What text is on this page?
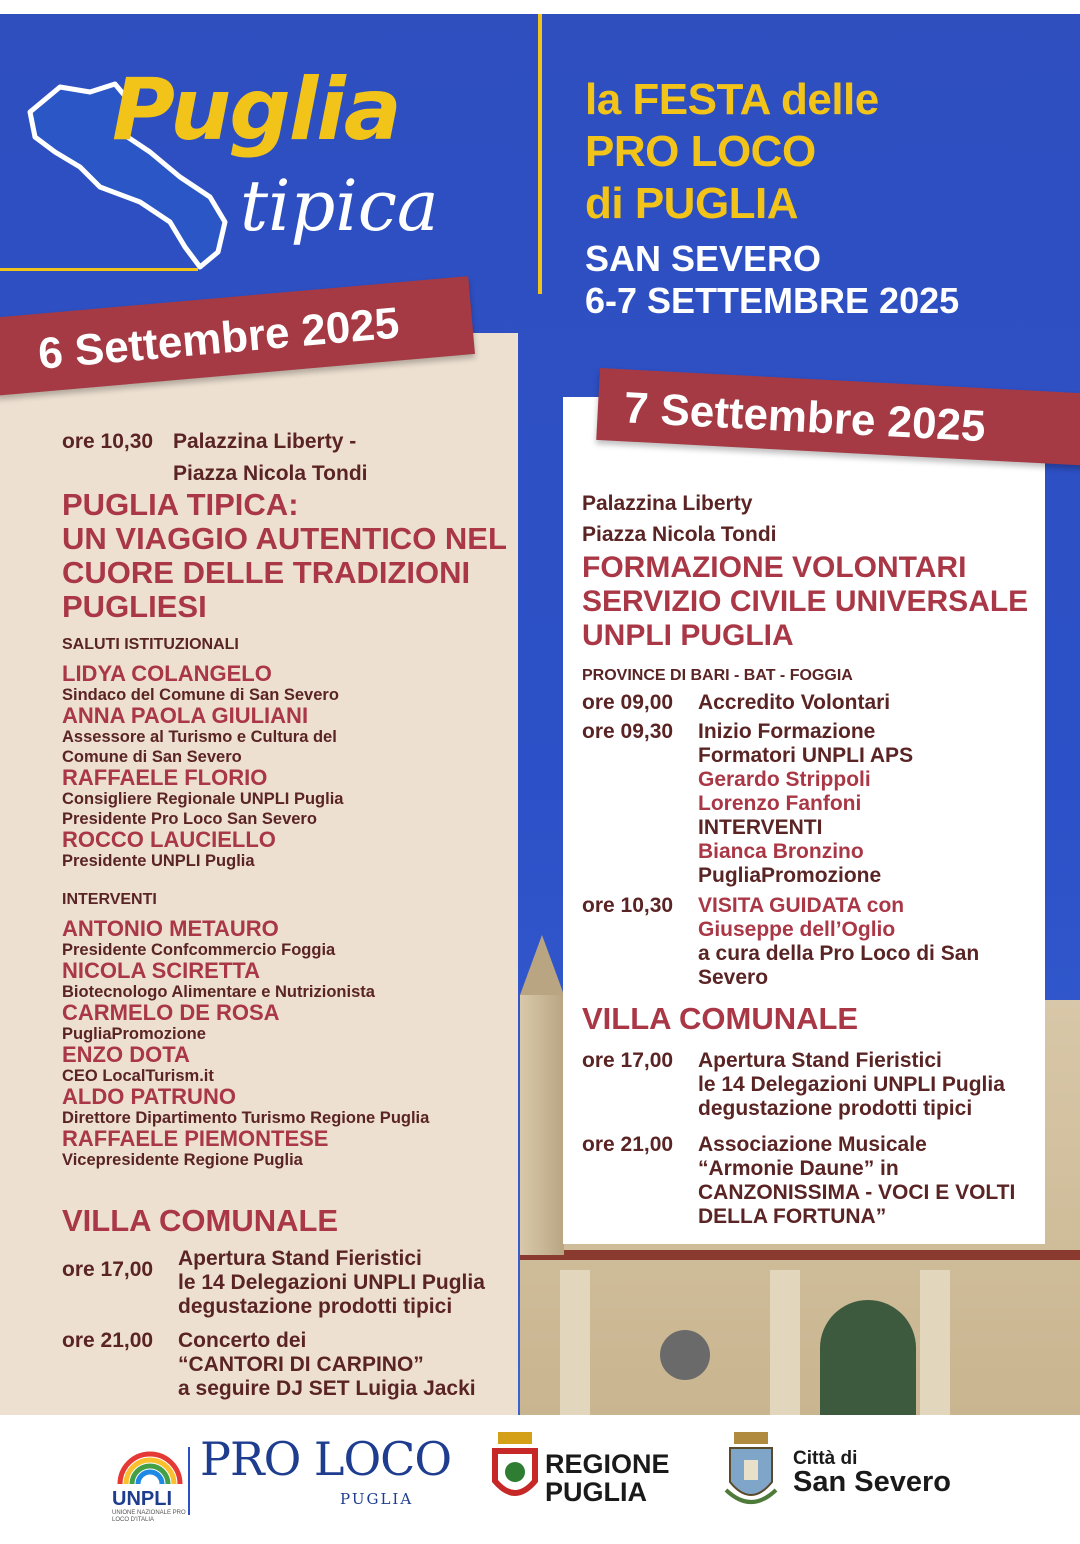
Puglia
tipica
la FESTA delle
PRO LOCO
di PUGLIA
SAN SEVERO
6-7 SETTEMBRE 2025
6 Settembre 2025
ore 10,30 Palazzina Liberty -
Piazza Nicola Tondi
PUGLIA TIPICA:
UN VIAGGIO AUTENTICO NEL
CUORE DELLE TRADIZIONI
PUGLIESI
SALUTI ISTITUZIONALI
LIDYA COLANGELO
Sindaco del Comune di San Severo
ANNA PAOLA GIULIANI
Assessore al Turismo e Cultura del
Comune di San Severo
RAFFAELE FLORIO
Consigliere Regionale UNPLI Puglia
Presidente Pro Loco San Severo
ROCCO LAUCIELLO
Presidente UNPLI Puglia
INTERVENTI
ANTONIO METAURO
Presidente Confcommercio Foggia
NICOLA SCIRETTA
Biotecnologo Alimentare e Nutrizionista
CARMELO DE ROSA
PugliaPromozione
ENZO DOTA
CEO LocalTurism.it
ALDO PATRUNO
Direttore Dipartimento Turismo Regione Puglia
RAFFAELE PIEMONTESE
Vicepresidente Regione Puglia
VILLA COMUNALE
ore 17,00 Apertura Stand Fieristici
le 14 Delegazioni UNPLI Puglia
degustazione prodotti tipici
ore 21,00 Concerto dei
“CANTORI DI CARPINO”
a seguire DJ SET Luigia Jacki
7 Settembre 2025
Palazzina Liberty
Piazza Nicola Tondi
FORMAZIONE VOLONTARI
SERVIZIO CIVILE UNIVERSALE
UNPLI PUGLIA
PROVINCE DI BARI - BAT - FOGGIA
ore 09,00 Accredito Volontari
ore 09,30 Inizio Formazione
Formatori UNPLI APS
Gerardo Strippoli
Lorenzo Fanfoni
INTERVENTI
Bianca Bronzino
PugliaPromozione
ore 10,30 VISITA GUIDATA con
Giuseppe dell’Oglio
a cura della Pro Loco di San
Severo
VILLA COMUNALE
ore 17,00 Apertura Stand Fieristici
le 14 Delegazioni UNPLI Puglia
degustazione prodotti tipici
ore 21,00 Associazione Musicale
“Armonie Daune” in
CANZONISSIMA - VOCI E VOLTI
DELLA FORTUNA”
UNPLI
UNIONE NAZIONALE PRO LOCO D'ITALIA
PRO LOCO
PUGLIA
REGIONE
PUGLIA
Città di
San Severo
